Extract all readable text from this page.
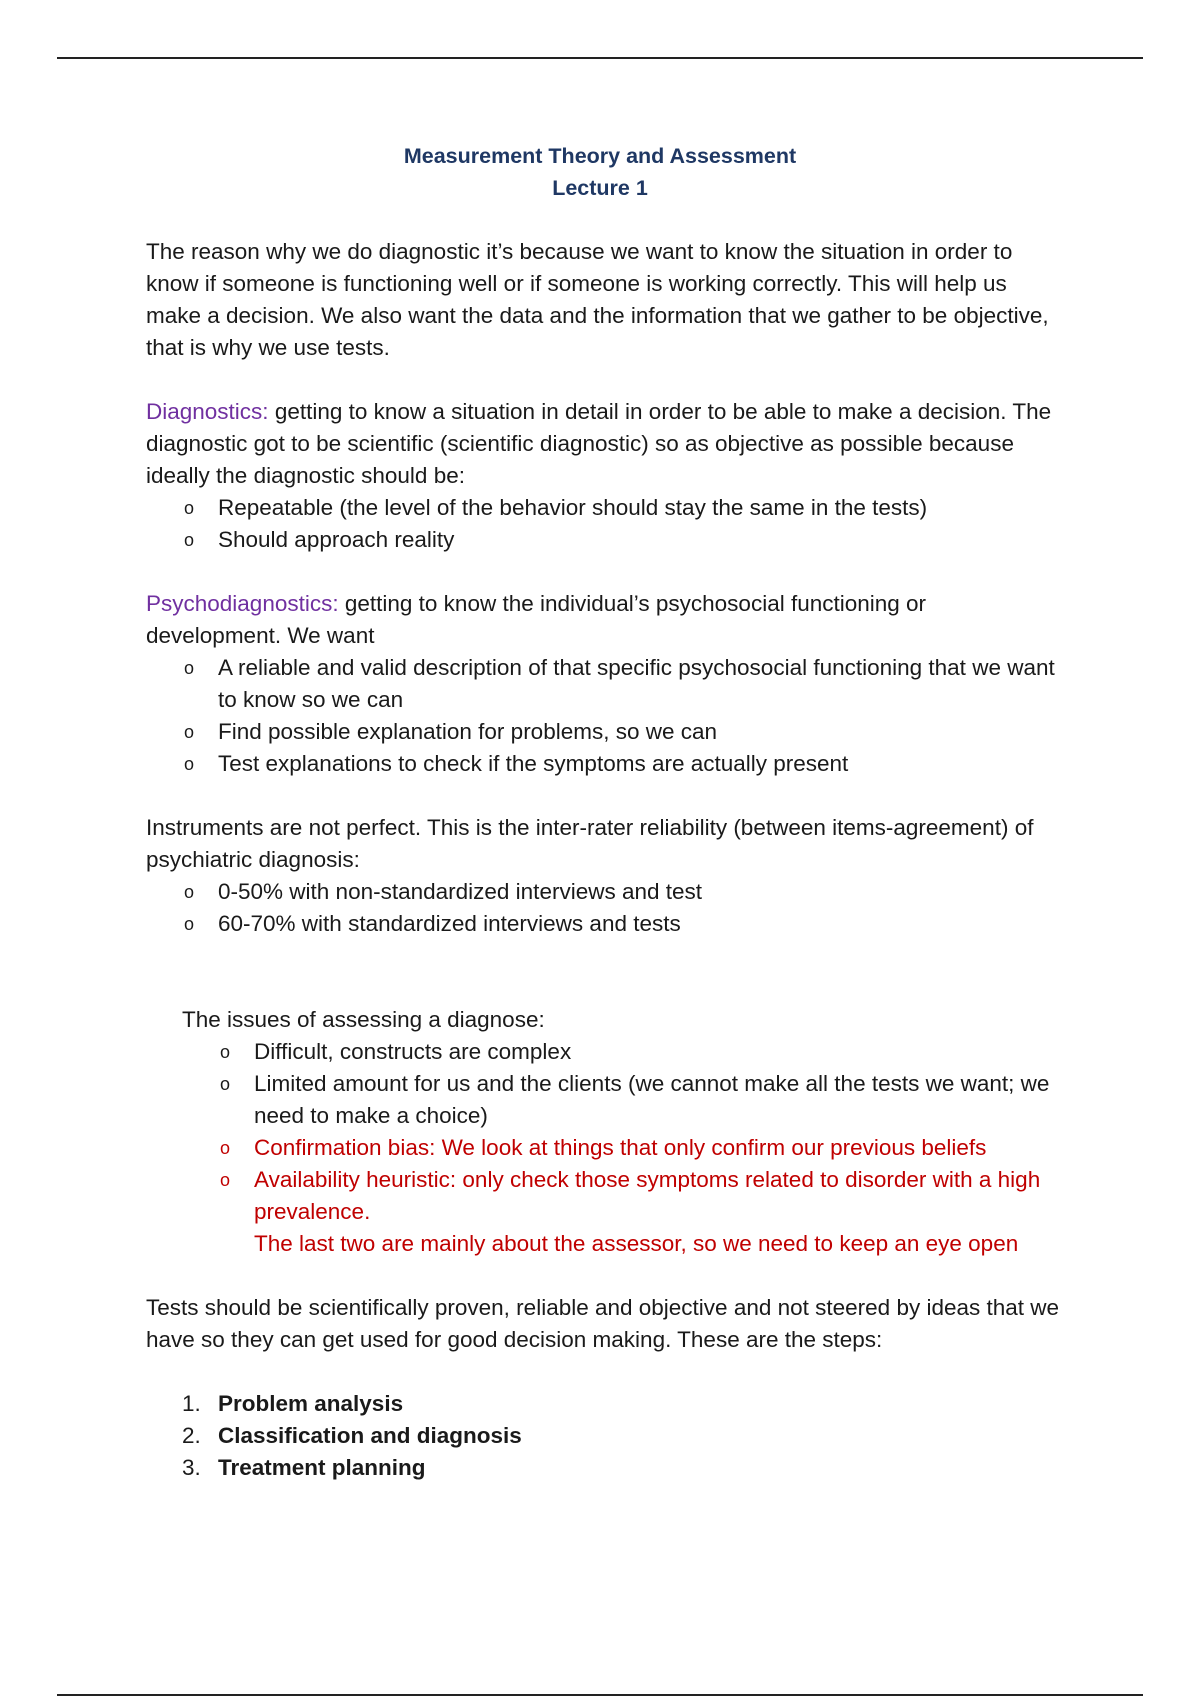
Measurement Theory and Assessment

Lecture 1

The reason why we do diagnostic it’s because we want to know the situation in order to know if someone is functioning well or if someone is working correctly. This will help us make a decision. We also want the data and the information that we gather to be objective, that is why we use tests.

Diagnostics: getting to know a situation in detail in order to be able to make a decision. The diagnostic got to be scientific (scientific diagnostic) so as objective as possible because ideally the diagnostic should be:

o Repeatable (the level of the behavior should stay the same in the tests)
o Should approach reality

Psychodiagnostics: getting to know the individual’s psychosocial functioning or development. We want

o A reliable and valid description of that specific psychosocial functioning that we want to know so we can
o Find possible explanation for problems, so we can
o Test explanations to check if the symptoms are actually present

Instruments are not perfect. This is the inter-rater reliability (between items-agreement) of psychiatric diagnosis:

o 0-50% with non-standardized interviews and test
o 60-70% with standardized interviews and tests

The issues of assessing a diagnose:

o Difficult, constructs are complex
o Limited amount for us and the clients (we cannot make all the tests we want; we need to make a choice)
o Confirmation bias: We look at things that only confirm our previous beliefs
o Availability heuristic: only check those symptoms related to disorder with a high prevalence.

The last two are mainly about the assessor, so we need to keep an eye open

Tests should be scientifically proven, reliable and objective and not steered by ideas that we have so they can get used for good decision making. These are the steps:

1. Problem analysis
2. Classification and diagnosis
3. Treatment planning
